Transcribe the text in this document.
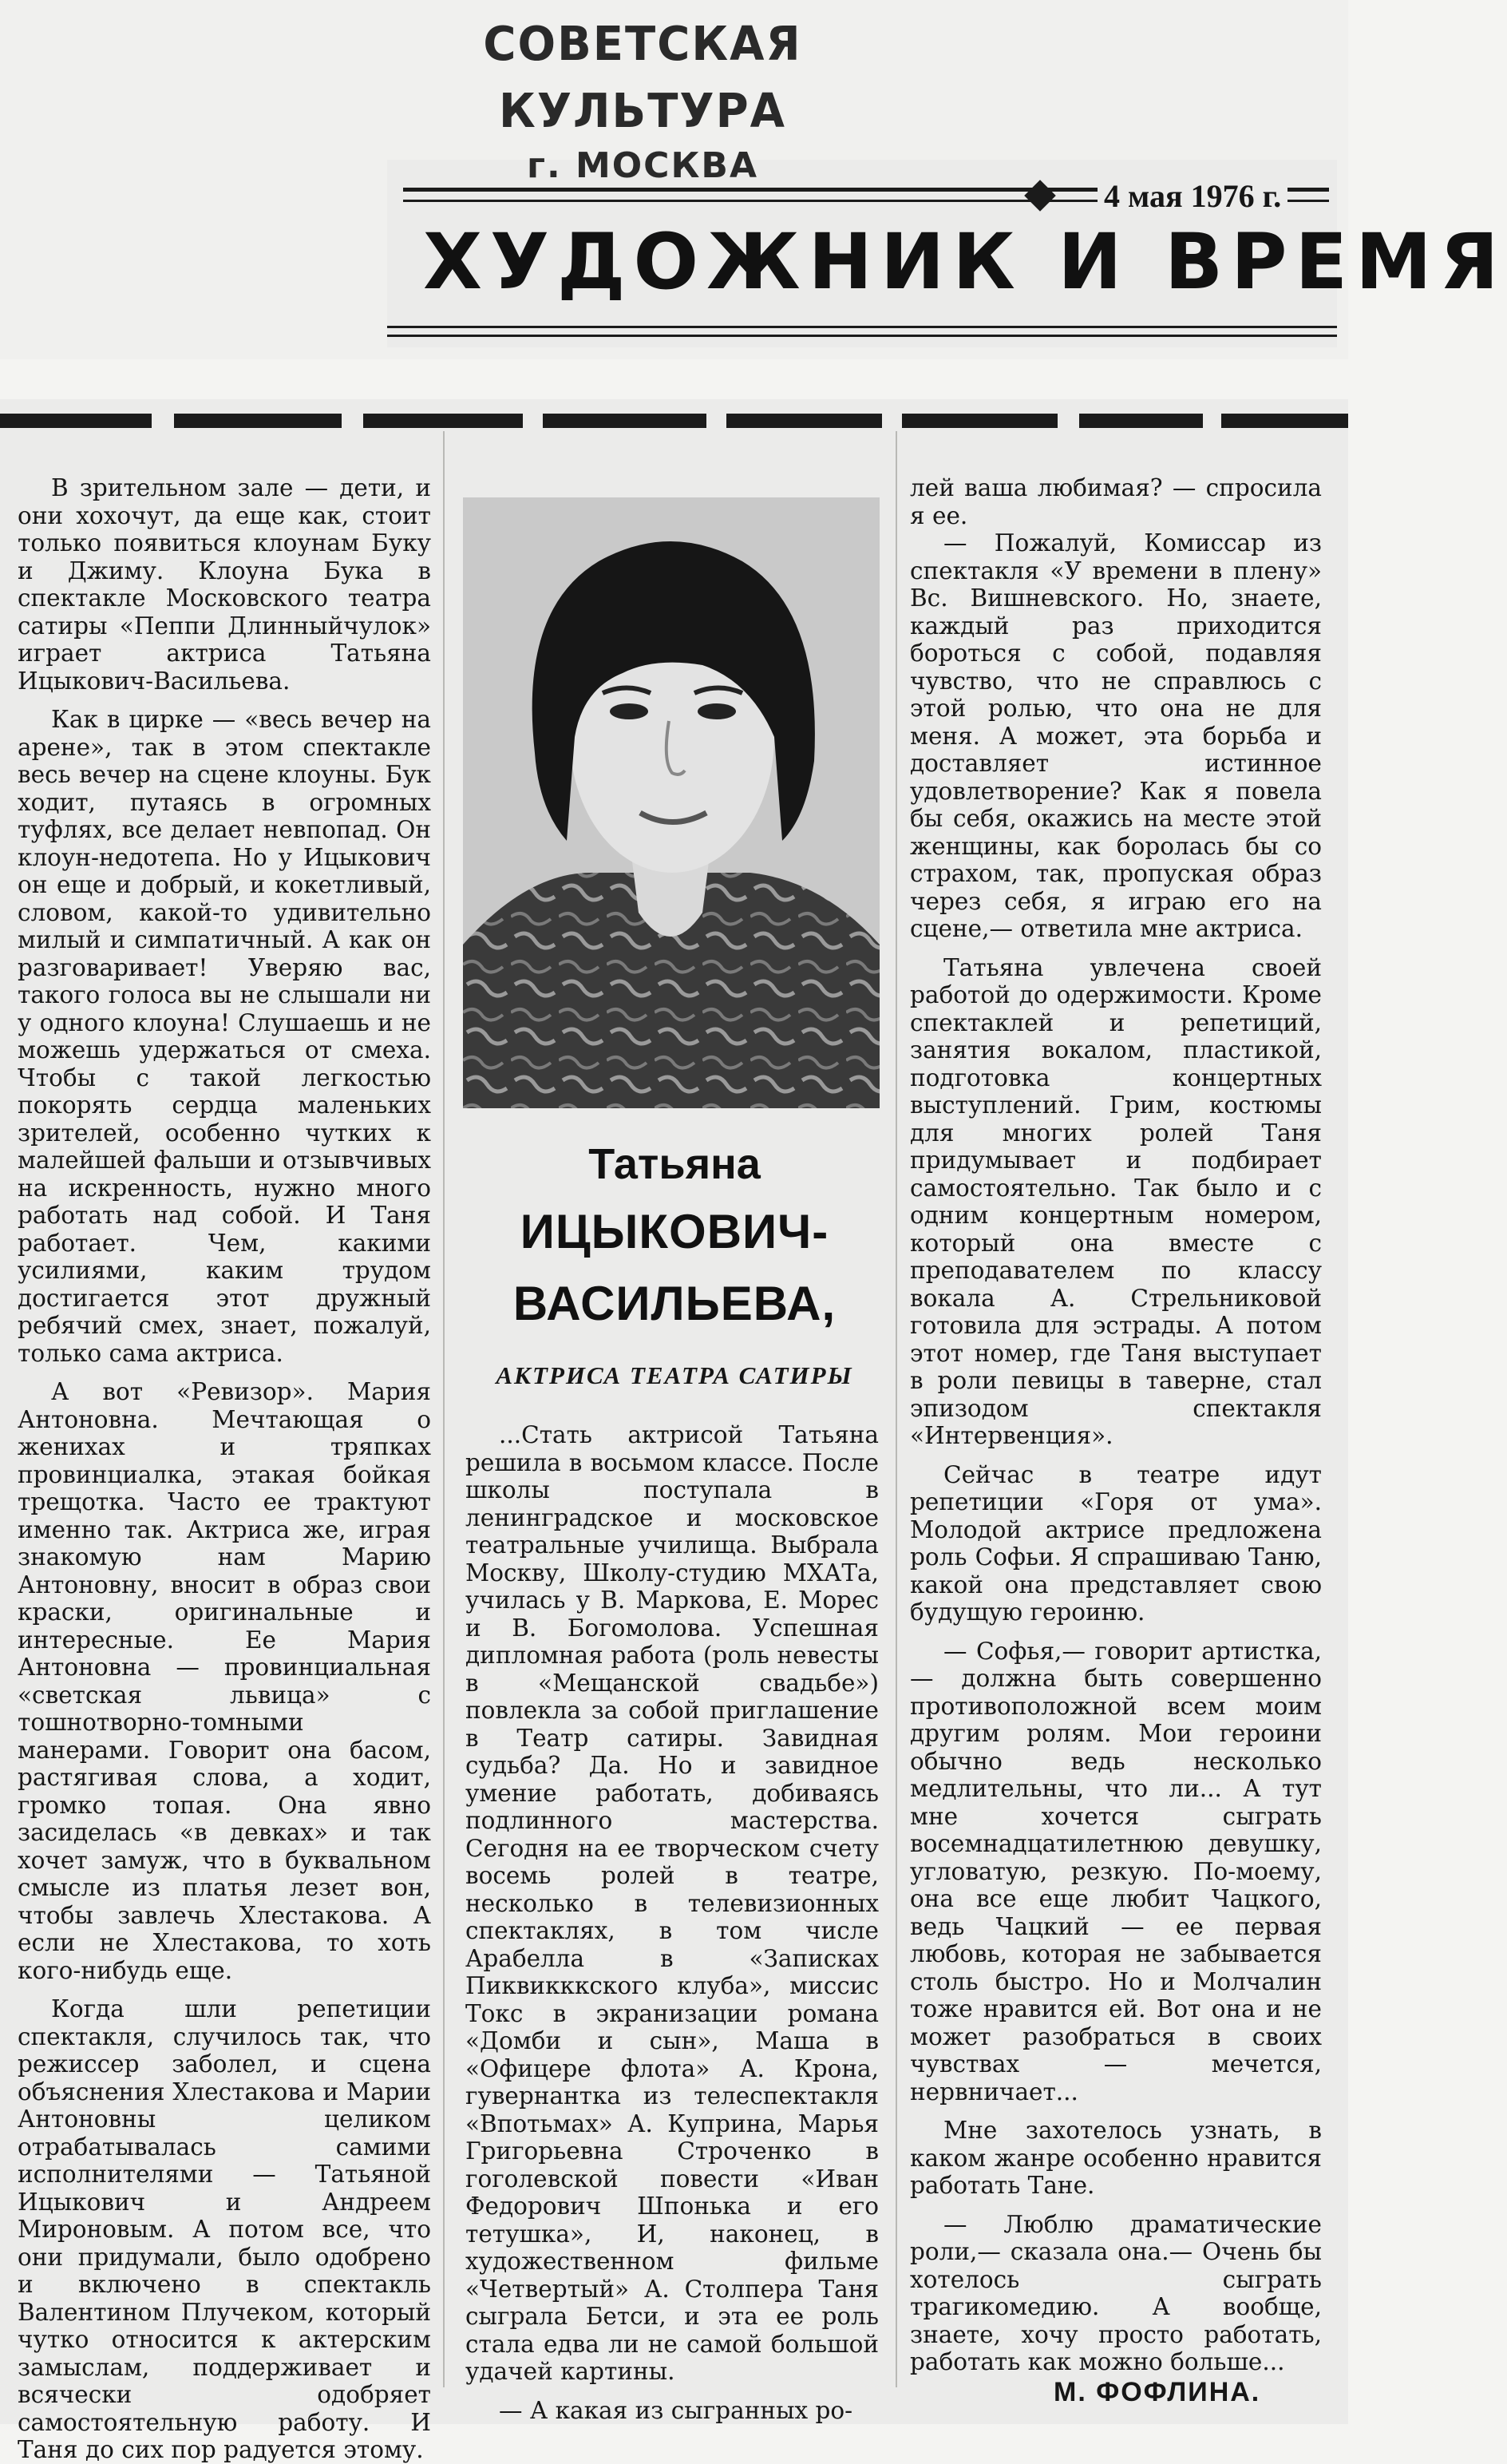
СОВЕТСКАЯ КУЛЬТУРА
г. МОСКВА
4 мая 1976 г.
ХУДОЖНИК И ВРЕМЯ

В зрительном зале — дети, и они хохочут, да еще как, стоит только появиться клоунам Буку и Джиму. Клоуна Бука в спектакле Московского театра сатиры «Пеппи Длинныйчулок» играет актриса Татьяна Ицыкович-Васильева.

Как в цирке — «весь вечер на арене», так в этом спектакле весь вечер на сцене клоуны. Бук ходит, путаясь в огромных туфлях, все делает невпопад. Он клоун-недотепа. Но у Ицыкович он еще и добрый, и кокетливый, словом, какой-то удивительно милый и симпатичный. А как он разговаривает! Уверяю вас, такого голоса вы не слышали ни у одного клоуна! Слушаешь и не можешь удержаться от смеха. Чтобы с такой легкостью покорять сердца маленьких зрителей, особенно чутких к малейшей фальши и отзывчивых на искренность, нужно много работать над собой. И Таня работает. Чем, какими усилиями, каким трудом достигается этот дружный ребячий смех, знает, пожалуй, только сама актриса.

А вот «Ревизор». Мария Антоновна. Мечтающая о женихах и тряпках провинциалка, этакая бойкая трещотка. Часто ее трактуют именно так. Актриса же, играя знакомую нам Марию Антоновну, вносит в образ свои краски, оригинальные и интересные. Ее Мария Антоновна — провинциальная «светская львица» с тошнотворно-томными манерами. Говорит она басом, растягивая слова, а ходит, громко топая. Она явно засиделась «в девках» и так хочет замуж, что в буквальном смысле из платья лезет вон, чтобы завлечь Хлестакова. А если не Хлестакова, то хоть кого-нибудь еще.

Когда шли репетиции спектакля, случилось так, что режиссер заболел, и сцена объяснения Хлестакова и Марии Антоновны целиком отрабатывалась самими исполнителями — Татьяной Ицыкович и Андреем Мироновым. А потом все, что они придумали, было одобрено и включено в спектакль Валентином Плучеком, который чутко относится к актерским замыслам, поддерживает и всячески одобряет самостоятельную работу. И Таня до сих пор радуется этому.

Татьяна
ИЦЫКОВИЧ-
ВАСИЛЬЕВА,
АКТРИСА ТЕАТРА САТИРЫ

...Стать актрисой Татьяна решила в восьмом классе. После школы поступала в ленинградское и московское театральные училища. Выбрала Москву, Школу-студию МХАТа, училась у В. Маркова, Е. Морес и В. Богомолова. Успешная дипломная работа (роль невесты в «Мещанской свадьбе») повлекла за собой приглашение в Театр сатиры. Завидная судьба? Да. Но и завидное умение работать, добиваясь подлинного мастерства. Сегодня на ее творческом счету восемь ролей в театре, несколько в телевизионных спектаклях, в том числе Арабелла в «Записках Пиквикккского клуба», миссис Токс в экранизации романа «Домби и сын», Маша в «Офицере флота» А. Крона, гувернантка из телеспектакля «Впотьмах» А. Куприна, Марья Григорьевна Строченко в гоголевской повести «Иван Федорович Шпонька и его тетушка», И, наконец, в художественном фильме «Четвертый» А. Столпера Таня сыграла Бетси, и эта ее роль стала едва ли не самой большой удачей картины.

— А какая из сыгранных ро-

лей ваша любимая? — спросила я ее.

— Пожалуй, Комиссар из спектакля «У времени в плену» Вс. Вишневского. Но, знаете, каждый раз приходится бороться с собой, подавляя чувство, что не справлюсь с этой ролью, что она не для меня. А может, эта борьба и доставляет истинное удовлетворение? Как я повела бы себя, окажись на месте этой женщины, как боролась бы со страхом, так, пропуская образ через себя, я играю его на сцене,— ответила мне актриса.

Татьяна увлечена своей работой до одержимости. Кроме спектаклей и репетиций, занятия вокалом, пластикой, подготовка концертных выступлений. Грим, костюмы для многих ролей Таня придумывает и подбирает самостоятельно. Так было и с одним концертным номером, который она вместе с преподавателем по классу вокала А. Стрельниковой готовила для эстрады. А потом этот номер, где Таня выступает в роли певицы в таверне, стал эпизодом спектакля «Интервенция».

Сейчас в театре идут репетиции «Горя от ума». Молодой актрисе предложена роль Софьи. Я спрашиваю Таню, какой она представляет свою будущую героиню.

— Софья,— говорит артистка,— должна быть совершенно противоположной всем моим другим ролям. Мои героини обычно ведь несколько медлительны, что ли... А тут мне хочется сыграть восемнадцатилетнюю девушку, угловатую, резкую. По-моему, она все еще любит Чацкого, ведь Чацкий — ее первая любовь, которая не забывается столь быстро. Но и Молчалин тоже нравится ей. Вот она и не может разобраться в своих чувствах — мечется, нервничает...

Мне захотелось узнать, в каком жанре особенно нравится работать Тане.

— Люблю драматические роли,— сказала она.— Очень бы хотелось сыграть трагикомедию. А вообще, знаете, хочу просто работать, работать как можно больше...

М. ФОФЛИНА.
